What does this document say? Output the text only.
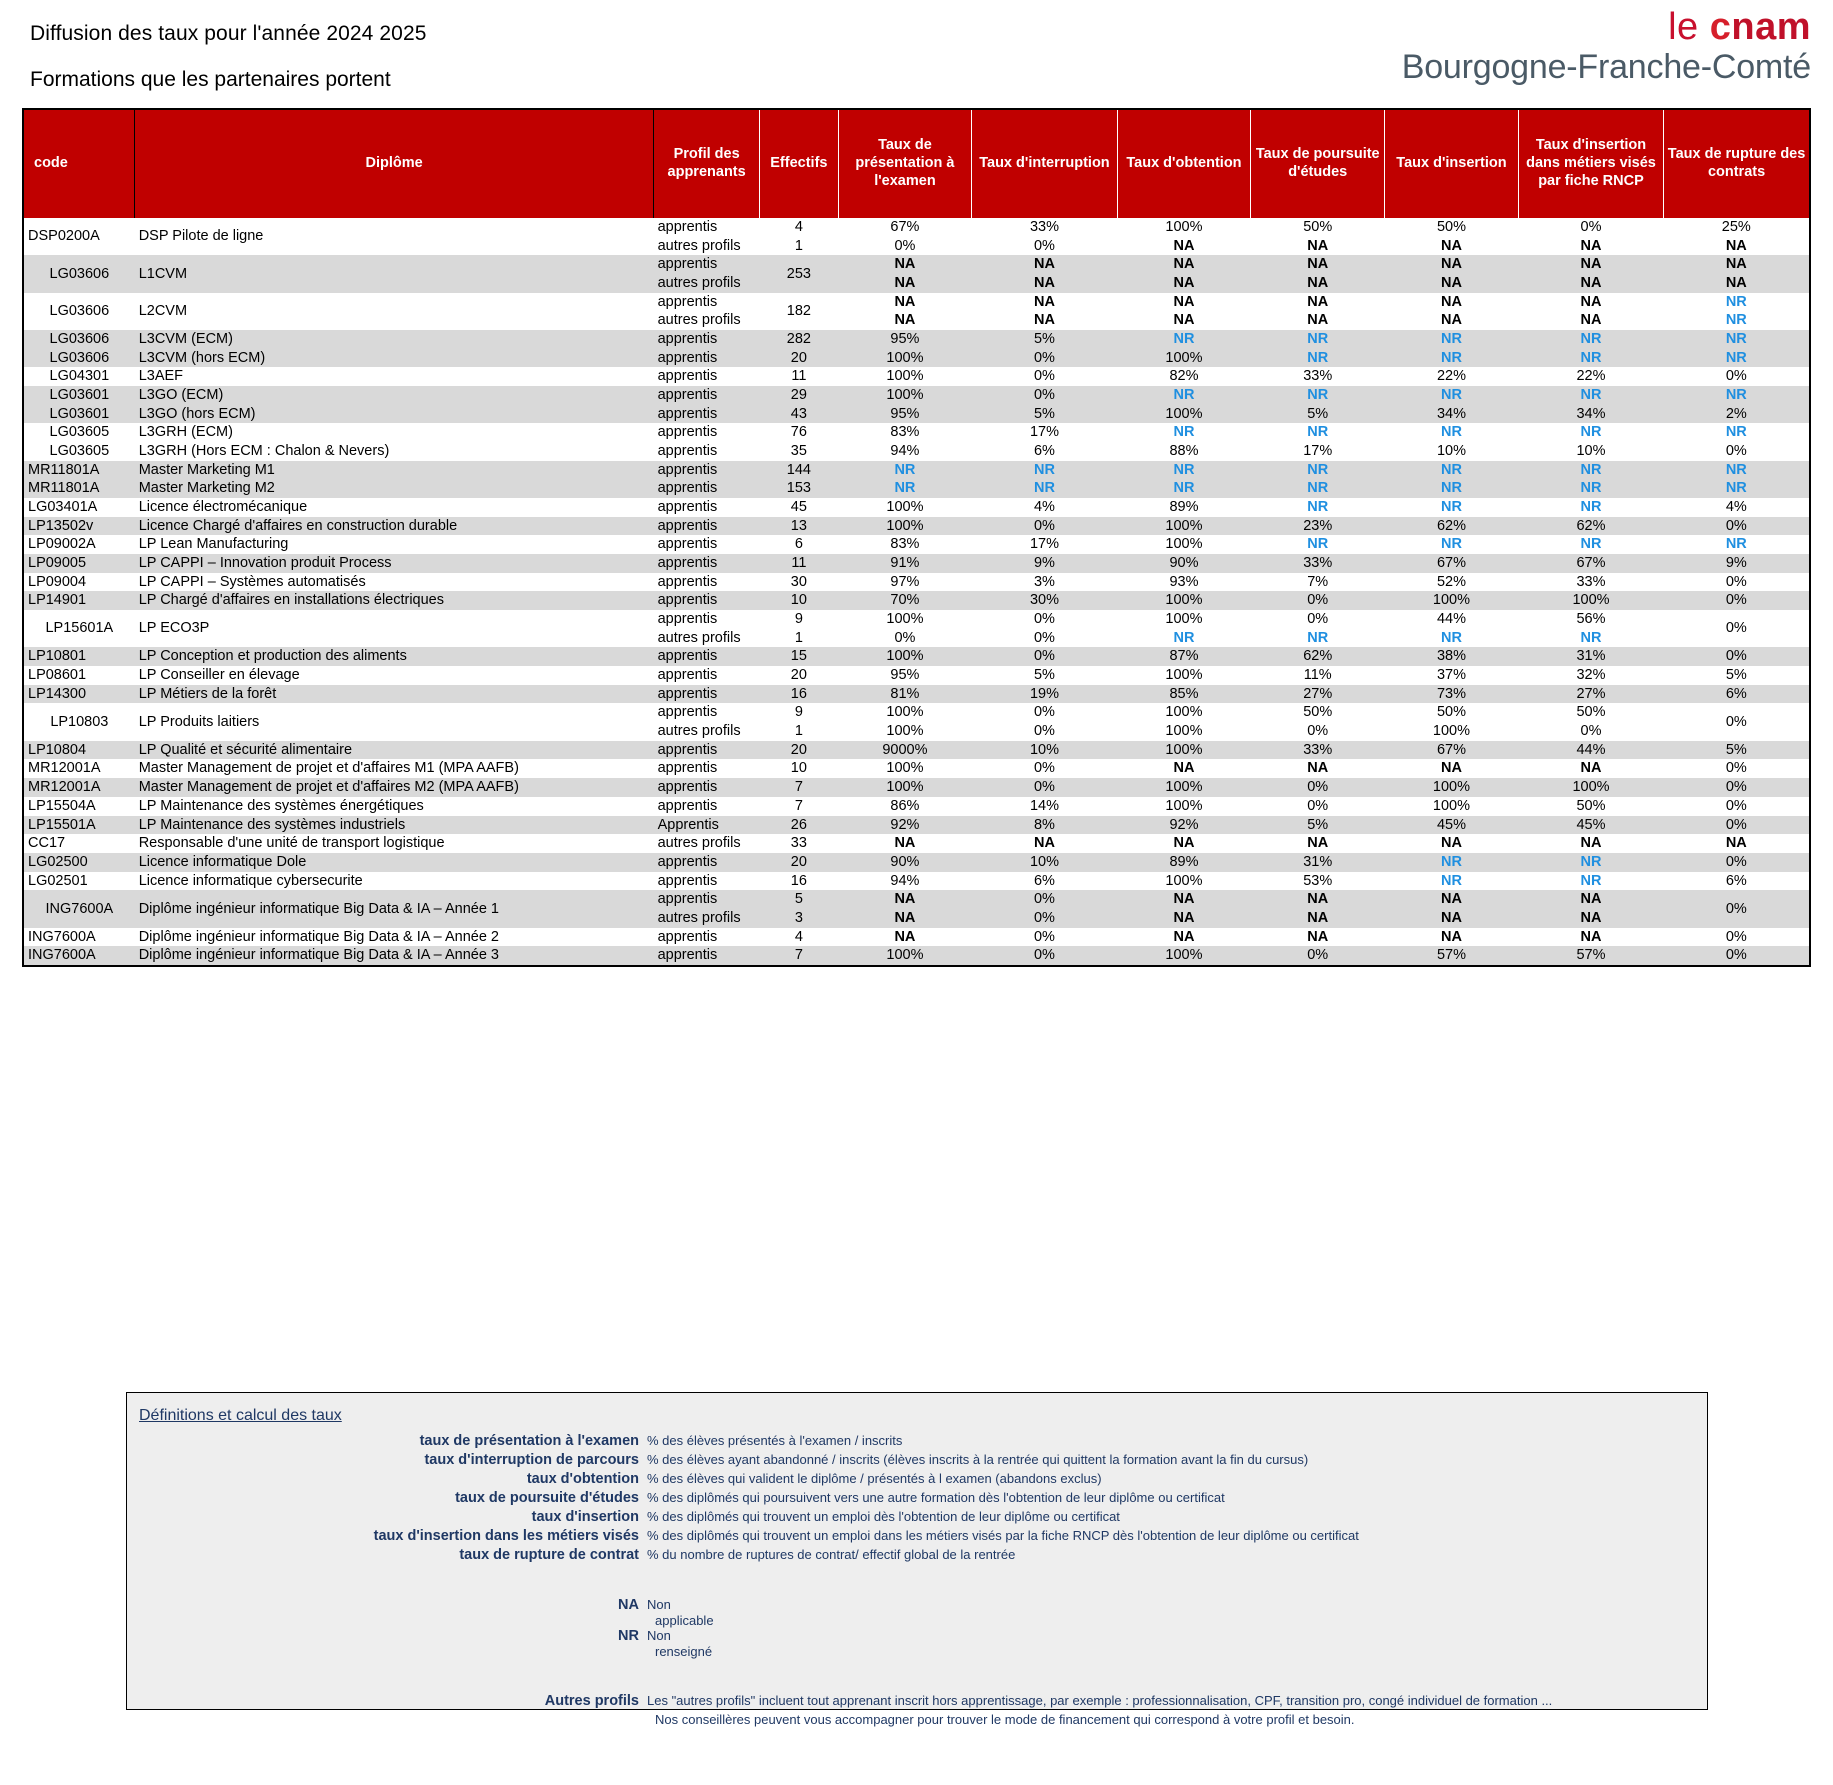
Diffusion des taux pour l'année 2024 2025
Formations que les partenaires portent
le cnam
Bourgogne-Franche-Comté
code	Diplôme	Profil des apprenants	Effectifs	Taux de présentation à l'examen	Taux d'interruption	Taux d'obtention	Taux de poursuite d'études	Taux d'insertion	Taux d'insertion dans métiers visés par fiche RNCP	Taux de rupture des contrats
DSP0200A	DSP Pilote de ligne	apprentis	4	67%	33%	100%	50%	50%	0%	25%
		autres profils	1	0%	0%	NA	NA	NA	NA	NA
LG03606	L1CVM	apprentis	253	NA	NA	NA	NA	NA	NA	NA
		autres profils		NA	NA	NA	NA	NA	NA	NA
LG03606	L2CVM	apprentis	182	NA	NA	NA	NA	NA	NA	NR
		autres profils		NA	NA	NA	NA	NA	NA	NR
LG03606	L3CVM (ECM)	apprentis	282	95%	5%	NR	NR	NR	NR	NR
LG03606	L3CVM (hors ECM)	apprentis	20	100%	0%	100%	NR	NR	NR	NR
LG04301	L3AEF	apprentis	11	100%	0%	82%	33%	22%	22%	0%
LG03601	L3GO (ECM)	apprentis	29	100%	0%	NR	NR	NR	NR	NR
LG03601	L3GO (hors ECM)	apprentis	43	95%	5%	100%	5%	34%	34%	2%
LG03605	L3GRH (ECM)	apprentis	76	83%	17%	NR	NR	NR	NR	NR
LG03605	L3GRH (Hors ECM : Chalon & Nevers)	apprentis	35	94%	6%	88%	17%	10%	10%	0%
MR11801A	Master Marketing M1	apprentis	144	NR	NR	NR	NR	NR	NR	NR
MR11801A	Master Marketing M2	apprentis	153	NR	NR	NR	NR	NR	NR	NR
LG03401A	Licence électromécanique	apprentis	45	100%	4%	89%	NR	NR	NR	4%
LP13502v	Licence Chargé d'affaires en construction durable	apprentis	13	100%	0%	100%	23%	62%	62%	0%
LP09002A	LP Lean Manufacturing	apprentis	6	83%	17%	100%	NR	NR	NR	NR
LP09005	LP CAPPI – Innovation produit Process	apprentis	11	91%	9%	90%	33%	67%	67%	9%
LP09004	LP CAPPI – Systèmes automatisés	apprentis	30	97%	3%	93%	7%	52%	33%	0%
LP14901	LP Chargé d'affaires en installations électriques	apprentis	10	70%	30%	100%	0%	100%	100%	0%
LP15601A	LP ECO3P	apprentis	9	100%	0%	100%	0%	44%	56%	0%
		autres profils	1	0%	0%	NR	NR	NR	NR	
LP10801	LP Conception et production des aliments	apprentis	15	100%	0%	87%	62%	38%	31%	0%
LP08601	LP Conseiller en élevage	apprentis	20	95%	5%	100%	11%	37%	32%	5%
LP14300	LP Métiers de la forêt	apprentis	16	81%	19%	85%	27%	73%	27%	6%
LP10803	LP Produits laitiers	apprentis	9	100%	0%	100%	50%	50%	50%	0%
		autres profils	1	100%	0%	100%	0%	100%	0%	
LP10804	LP Qualité et sécurité alimentaire	apprentis	20	9000%	10%	100%	33%	67%	44%	5%
MR12001A	Master Management de projet et d'affaires M1 (MPA AAFB)	apprentis	10	100%	0%	NA	NA	NA	NA	0%
MR12001A	Master Management de projet et d'affaires M2 (MPA AAFB)	apprentis	7	100%	0%	100%	0%	100%	100%	0%
LP15504A	LP Maintenance des systèmes énergétiques	apprentis	7	86%	14%	100%	0%	100%	50%	0%
LP15501A	LP Maintenance des systèmes industriels	Apprentis	26	92%	8%	92%	5%	45%	45%	0%
CC17	Responsable d'une unité de transport logistique	autres profils	33	NA	NA	NA	NA	NA	NA	NA
LG02500	Licence informatique Dole	apprentis	20	90%	10%	89%	31%	NR	NR	0%
LG02501	Licence informatique cybersecurite	apprentis	16	94%	6%	100%	53%	NR	NR	6%
ING7600A	Diplôme ingénieur informatique Big Data & IA – Année 1	apprentis	5	NA	0%	NA	NA	NA	NA	0%
		autres profils	3	NA	0%	NA	NA	NA	NA	
ING7600A	Diplôme ingénieur informatique Big Data & IA – Année 2	apprentis	4	NA	0%	NA	NA	NA	NA	0%
ING7600A	Diplôme ingénieur informatique Big Data & IA – Année 3	apprentis	7	100%	0%	100%	0%	57%	57%	0%
Définitions et calcul des taux
taux de présentation à l'examen % des élèves présentés à l'examen / inscrits
taux d'interruption de parcours % des élèves ayant abandonné / inscrits (élèves inscrits à la rentrée qui quittent la formation avant la fin du cursus)
taux d'obtention % des élèves qui valident le diplôme / présentés à l examen (abandons exclus)
taux de poursuite d'études % des diplômés qui poursuivent vers une autre formation dès l'obtention de leur diplôme ou certificat
taux d'insertion % des diplômés qui trouvent un emploi dès l'obtention de leur diplôme ou certificat
taux d'insertion dans les métiers visés % des diplômés qui trouvent un emploi dans les métiers visés par la fiche RNCP dès l'obtention de leur diplôme ou certificat
taux de rupture de contrat % du nombre de ruptures de contrat/ effectif global de la rentrée
NA Non
applicable
NR Non
renseigné
Autres profils Les "autres profils" incluent tout apprenant inscrit hors apprentissage, par exemple : professionnalisation, CPF, transition pro, congé individuel de formation ...
Nos conseillères peuvent vous accompagner pour trouver le mode de financement qui correspond à votre profil et besoin.
